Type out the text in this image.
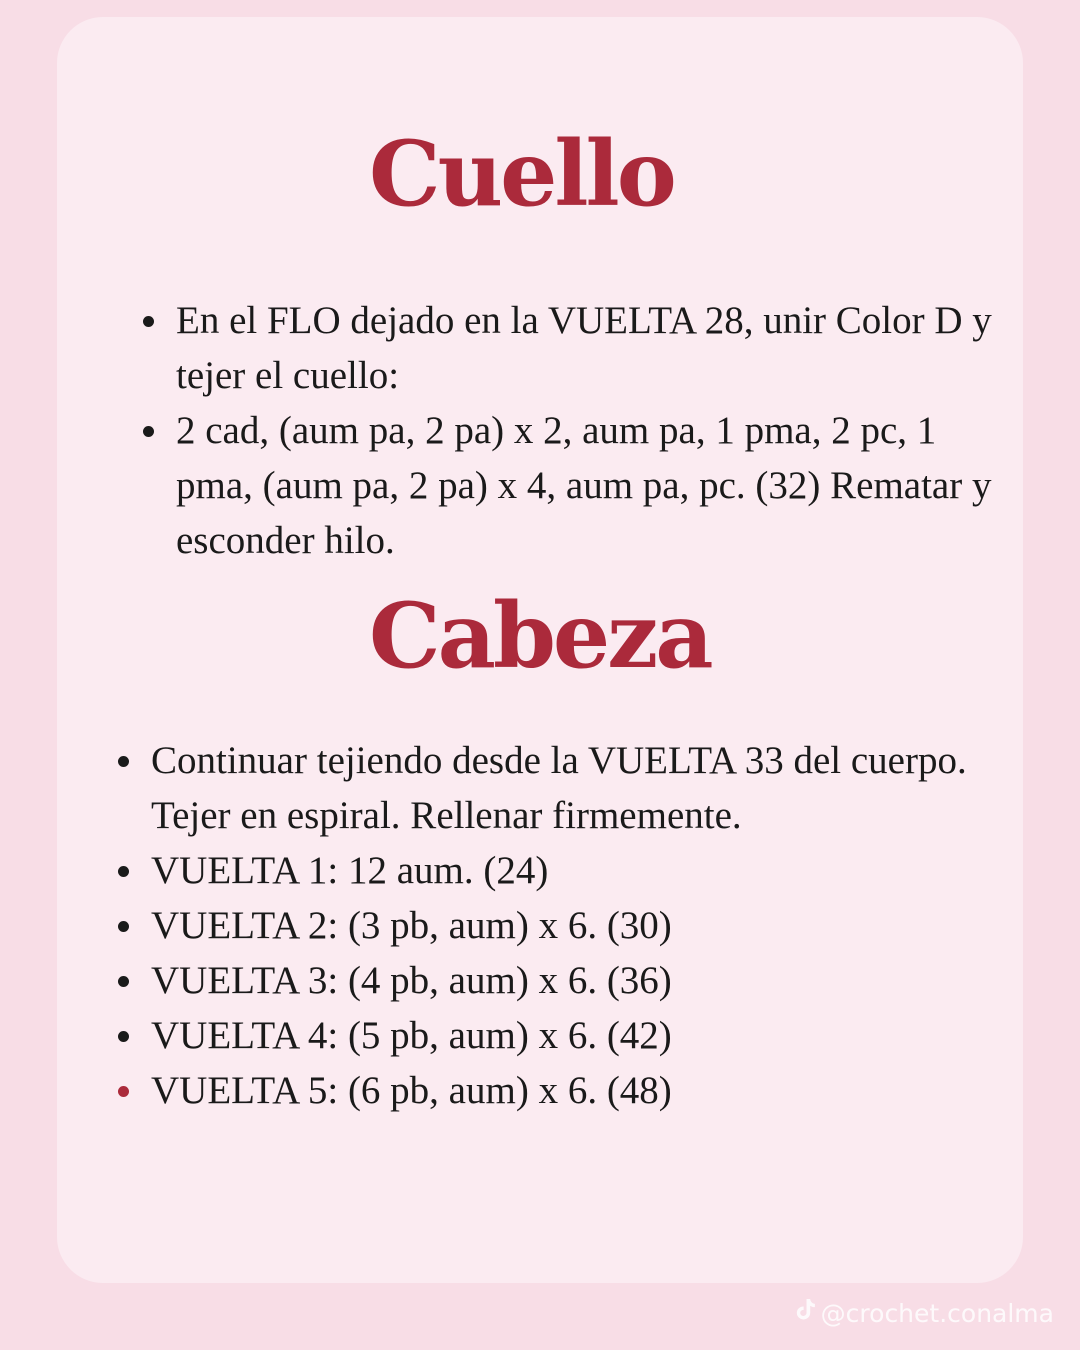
Cuello
En el FLO dejado en la VUELTA 28, unir Color D y tejer el cuello:
2 cad, (aum pa, 2 pa) x 2, aum pa, 1 pma, 2 pc, 1 pma, (aum pa, 2 pa) x 4, aum pa, pc. (32) Rematar y esconder hilo.
Cabeza
Continuar tejiendo desde la VUELTA 33 del cuerpo. Tejer en espiral. Rellenar firmemente.
VUELTA 1: 12 aum. (24)
VUELTA 2: (3 pb, aum) x 6. (30)
VUELTA 3: (4 pb, aum) x 6. (36)
VUELTA 4: (5 pb, aum) x 6. (42)
VUELTA 5: (6 pb, aum) x 6. (48)
@crochet.conalma
